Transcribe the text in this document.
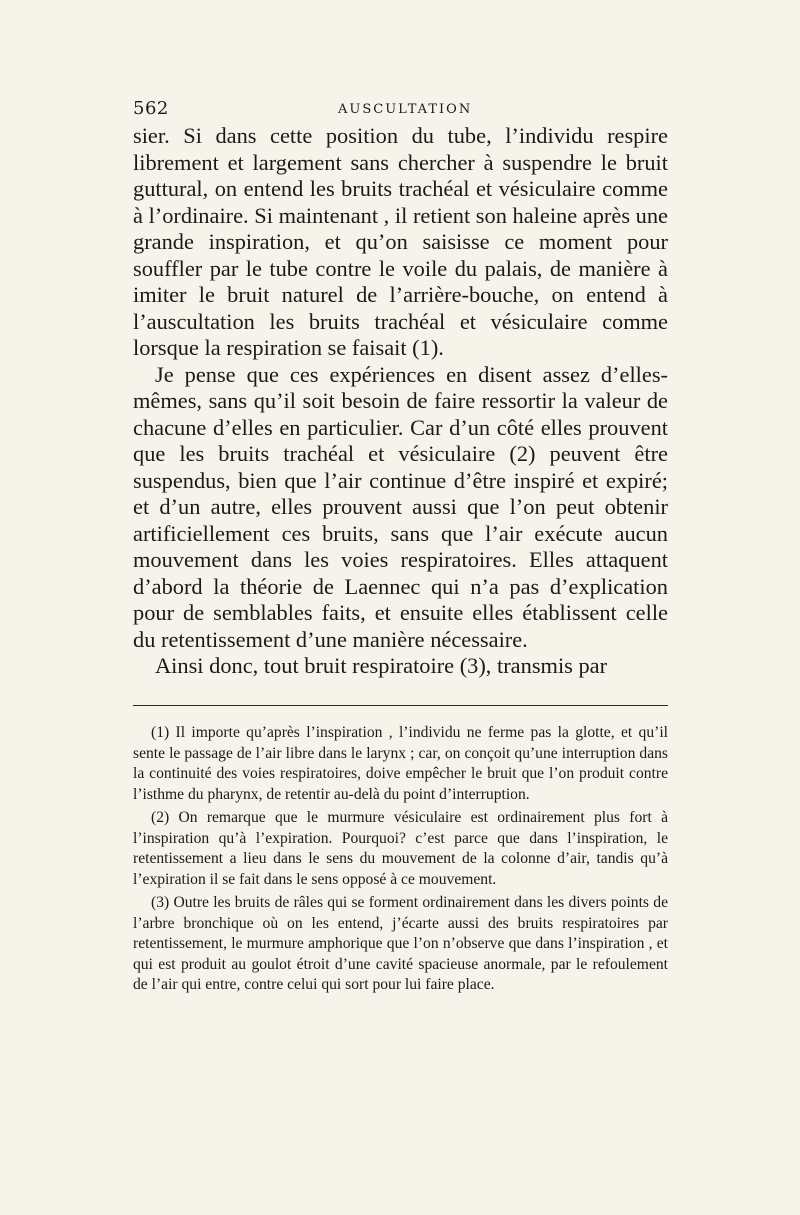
562	AUSCULTATION

sier. Si dans cette position du tube, l’individu respire librement et largement sans chercher à suspendre le bruit guttural, on entend les bruits trachéal et vésiculaire comme à l’ordinaire. Si maintenant , il retient son haleine après une grande inspiration, et qu’on saisisse ce moment pour souffler par le tube contre le voile du palais, de manière à imiter le bruit naturel de l’arrière-bouche, on entend à l’auscultation les bruits trachéal et vésiculaire comme lorsque la respiration se faisait (1).

Je pense que ces expériences en disent assez d’elles-mêmes, sans qu’il soit besoin de faire ressortir la valeur de chacune d’elles en particulier. Car d’un côté elles prouvent que les bruits trachéal et vésiculaire (2) peuvent être suspendus, bien que l’air continue d’être inspiré et expiré; et d’un autre, elles prouvent aussi que l’on peut obtenir artificiellement ces bruits, sans que l’air exécute aucun mouvement dans les voies respiratoires. Elles attaquent d’abord la théorie de Laennec qui n’a pas d’explication pour de semblables faits, et ensuite elles établissent celle du retentissement d’une manière nécessaire.

Ainsi donc, tout bruit respiratoire (3), transmis par

(1) Il importe qu’après l’inspiration , l’individu ne ferme pas la glotte, et qu’il sente le passage de l’air libre dans le larynx ; car, on conçoit qu’une interruption dans la continuité des voies respiratoires, doive empêcher le bruit que l’on produit contre l’isthme du pharynx, de retentir au-delà du point d’interruption.

(2) On remarque que le murmure vésiculaire est ordinairement plus fort à l’inspiration qu’à l’expiration. Pourquoi? c’est parce que dans l’inspiration, le retentissement a lieu dans le sens du mouvement de la colonne d’air, tandis qu’à l’expiration il se fait dans le sens opposé à ce mouvement.

(3) Outre les bruits de râles qui se forment ordinairement dans les divers points de l’arbre bronchique où on les entend, j’écarte aussi des bruits respiratoires par retentissement, le murmure amphorique que l’on n’observe que dans l’inspiration , et qui est produit au goulot étroit d’une cavité spacieuse anormale, par le refoulement de l’air qui entre, contre celui qui sort pour lui faire place.
